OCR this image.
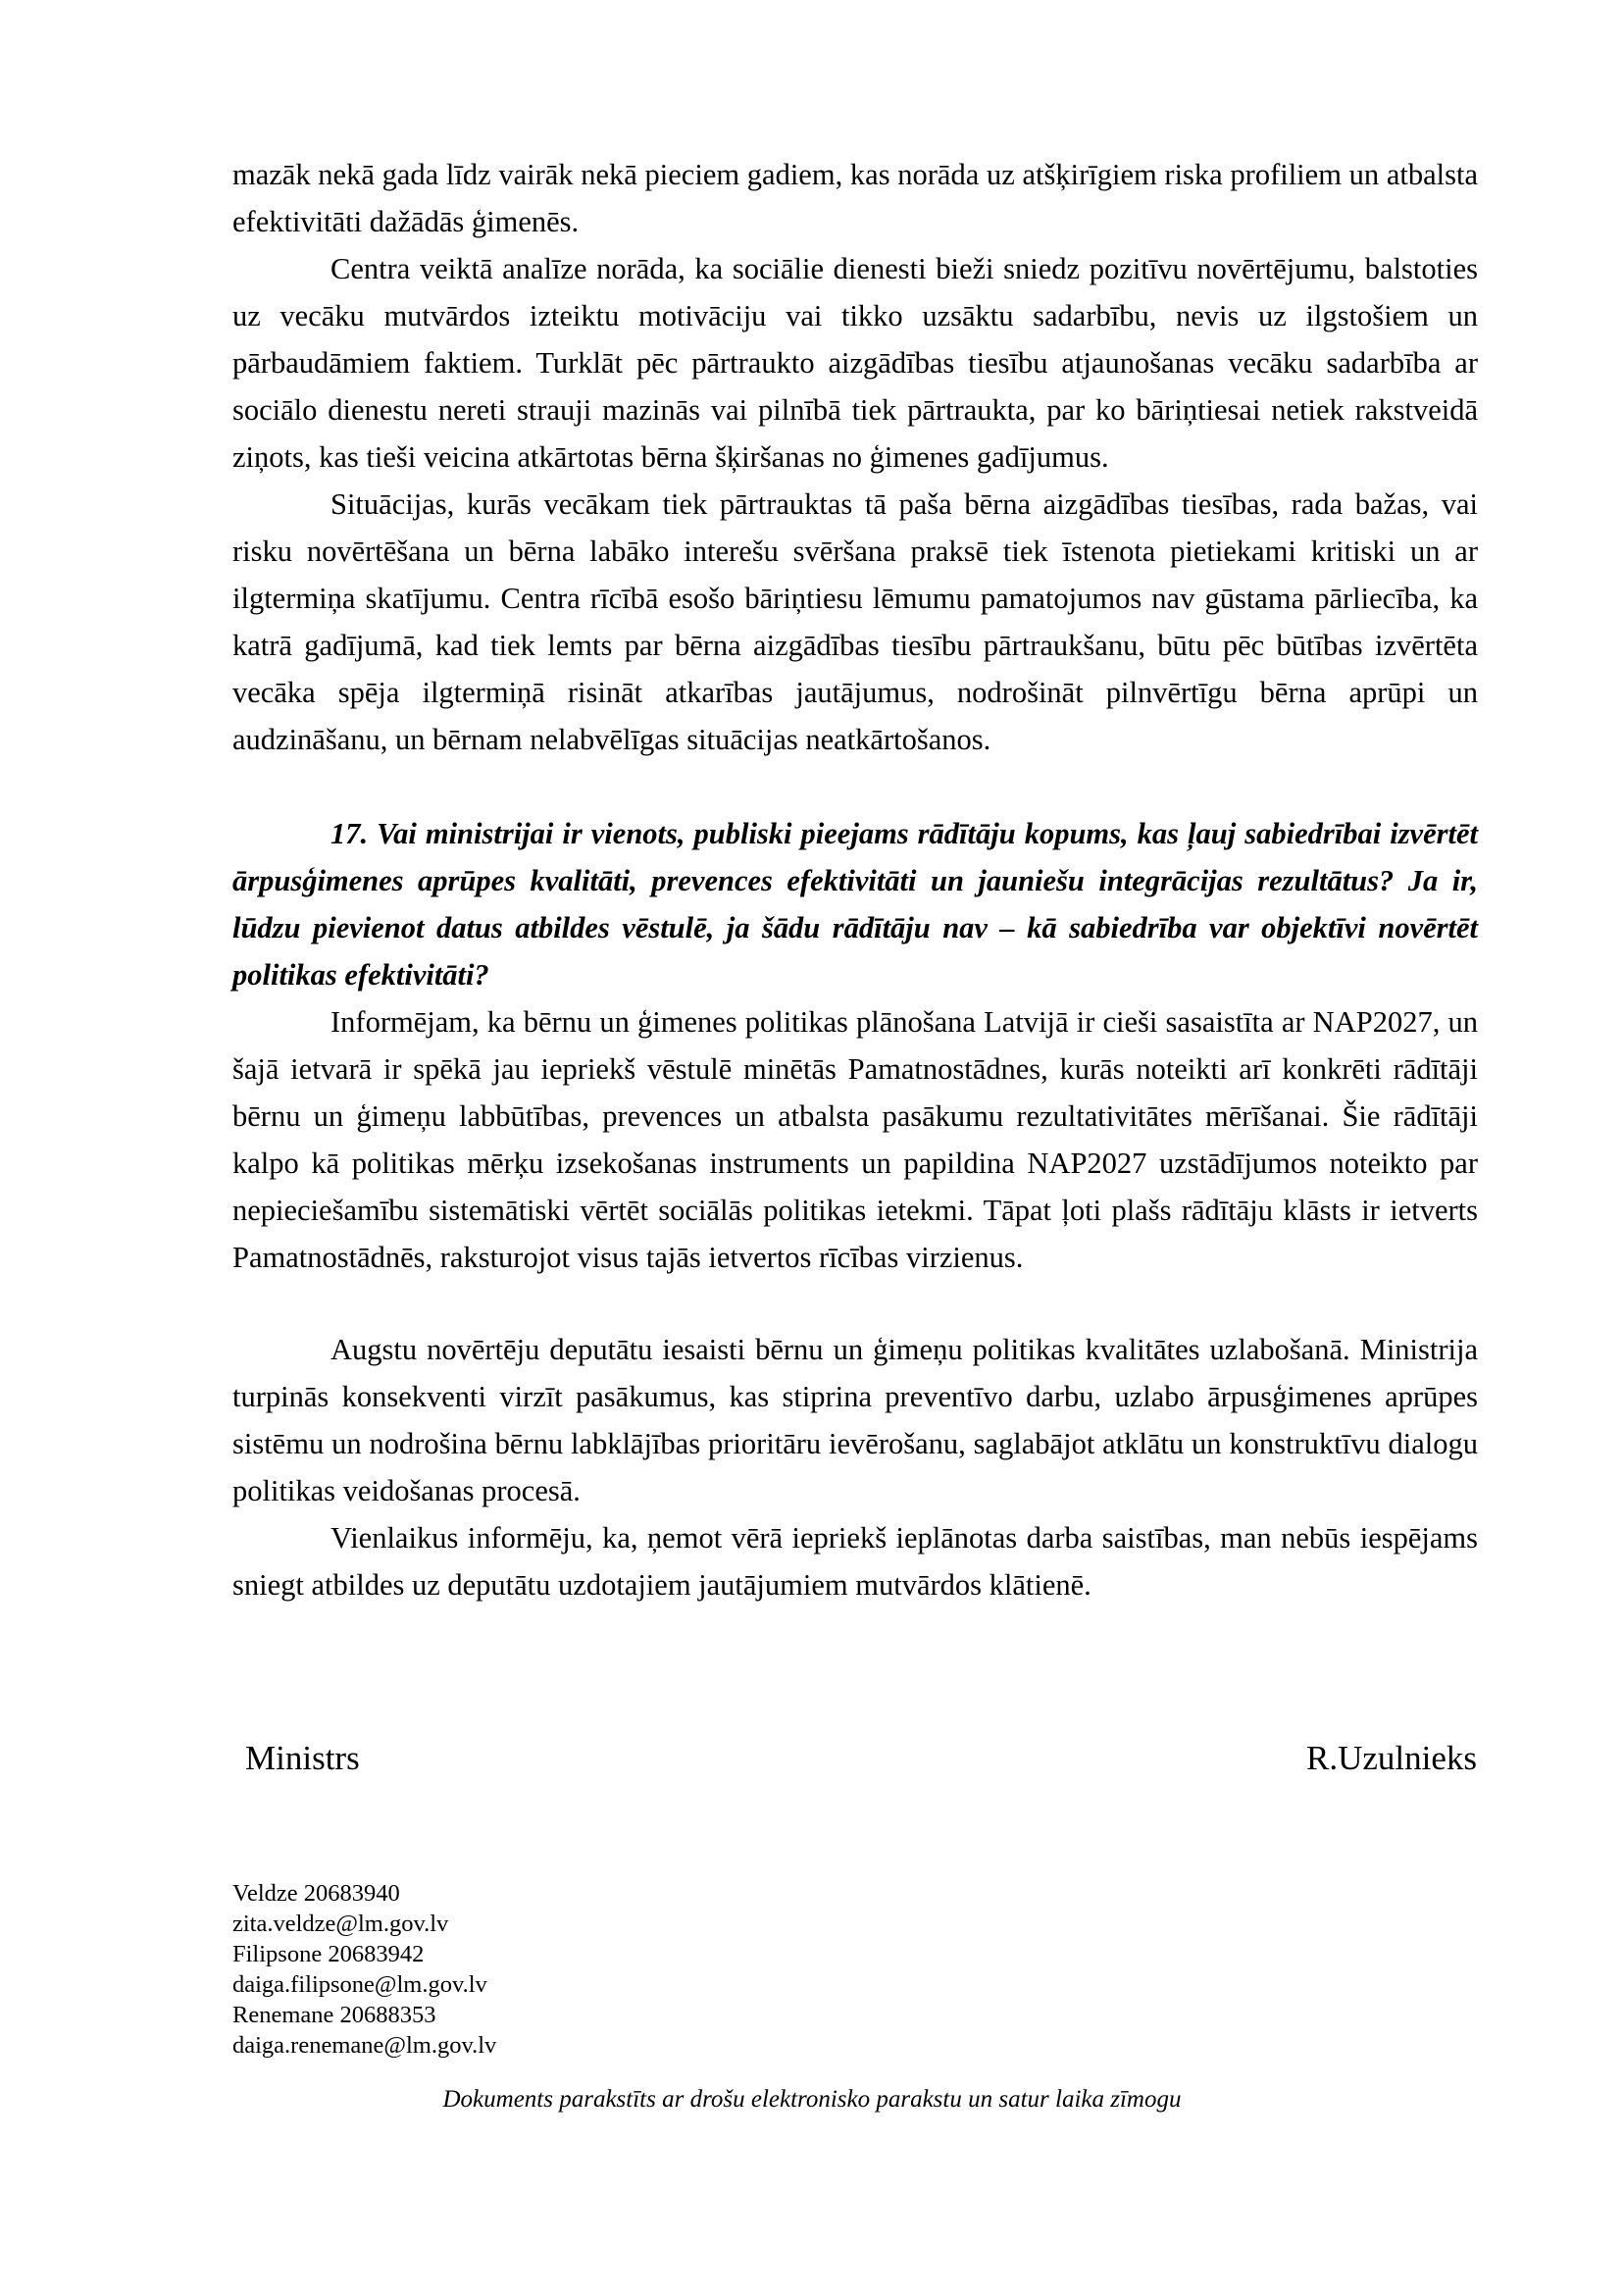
mazāk nekā gada līdz vairāk nekā pieciem gadiem, kas norāda uz atšķirīgiem riska profiliem un atbalsta efektivitāti dažādās ģimenēs.

Centra veiktā analīze norāda, ka sociālie dienesti bieži sniedz pozitīvu novērtējumu, balstoties uz vecāku mutvārdos izteiktu motivāciju vai tikko uzsāktu sadarbību, nevis uz ilgstošiem un pārbaudāmiem faktiem. Turklāt pēc pārtraukto aizgādības tiesību atjaunošanas vecāku sadarbība ar sociālo dienestu nereti strauji mazinās vai pilnībā tiek pārtraukta, par ko bāriņtiesai netiek rakstveidā ziņots, kas tieši veicina atkārtotas bērna šķiršanas no ģimenes gadījumus.

Situācijas, kurās vecākam tiek pārtrauktas tā paša bērna aizgādības tiesības, rada bažas, vai risku novērtēšana un bērna labāko interešu svēršana praksē tiek īstenota pietiekami kritiski un ar ilgtermiņa skatījumu. Centra rīcībā esošo bāriņtiesu lēmumu pamatojumos nav gūstama pārliecība, ka katrā gadījumā, kad tiek lemts par bērna aizgādības tiesību pārtraukšanu, būtu pēc būtības izvērtēta vecāka spēja ilgtermiņā risināt atkarības jautājumus, nodrošināt pilnvērtīgu bērna aprūpi un audzināšanu, un bērnam nelabvēlīgas situācijas neatkārtošanos.

17. Vai ministrijai ir vienots, publiski pieejams rādītāju kopums, kas ļauj sabiedrībai izvērtēt ārpusģimenes aprūpes kvalitāti, prevences efektivitāti un jauniešu integrācijas rezultātus? Ja ir, lūdzu pievienot datus atbildes vēstulē, ja šādu rādītāju nav – kā sabiedrība var objektīvi novērtēt politikas efektivitāti?

Informējam, ka bērnu un ģimenes politikas plānošana Latvijā ir cieši sasaistīta ar NAP2027, un šajā ietvarā ir spēkā jau iepriekš vēstulē minētās Pamatnostādnes, kurās noteikti arī konkrēti rādītāji bērnu un ģimeņu labbūtības, prevences un atbalsta pasākumu rezultativitātes mērīšanai. Šie rādītāji kalpo kā politikas mērķu izsekošanas instruments un papildina NAP2027 uzstādījumos noteikto par nepieciešamību sistemātiski vērtēt sociālās politikas ietekmi. Tāpat ļoti plašs rādītāju klāsts ir ietverts Pamatnostādnēs, raksturojot visus tajās ietvertos rīcības virzienus.

Augstu novērtēju deputātu iesaisti bērnu un ģimeņu politikas kvalitātes uzlabošanā. Ministrija turpinās konsekventi virzīt pasākumus, kas stiprina preventīvo darbu, uzlabo ārpusģimenes aprūpes sistēmu un nodrošina bērnu labklājības prioritāru ievērošanu, saglabājot atklātu un konstruktīvu dialogu politikas veidošanas procesā.

Vienlaikus informēju, ka, ņemot vērā iepriekš ieplānotas darba saistības, man nebūs iespējams sniegt atbildes uz deputātu uzdotajiem jautājumiem mutvārdos klātienē.

Ministrs	R.Uzulnieks
Veldze 20683940
zita.veldze@lm.gov.lv
Filipsone 20683942
daiga.filipsone@lm.gov.lv
Renemane 20688353
daiga.renemane@lm.gov.lv
Dokuments parakstīts ar drošu elektronisko parakstu un satur laika zīmogu
